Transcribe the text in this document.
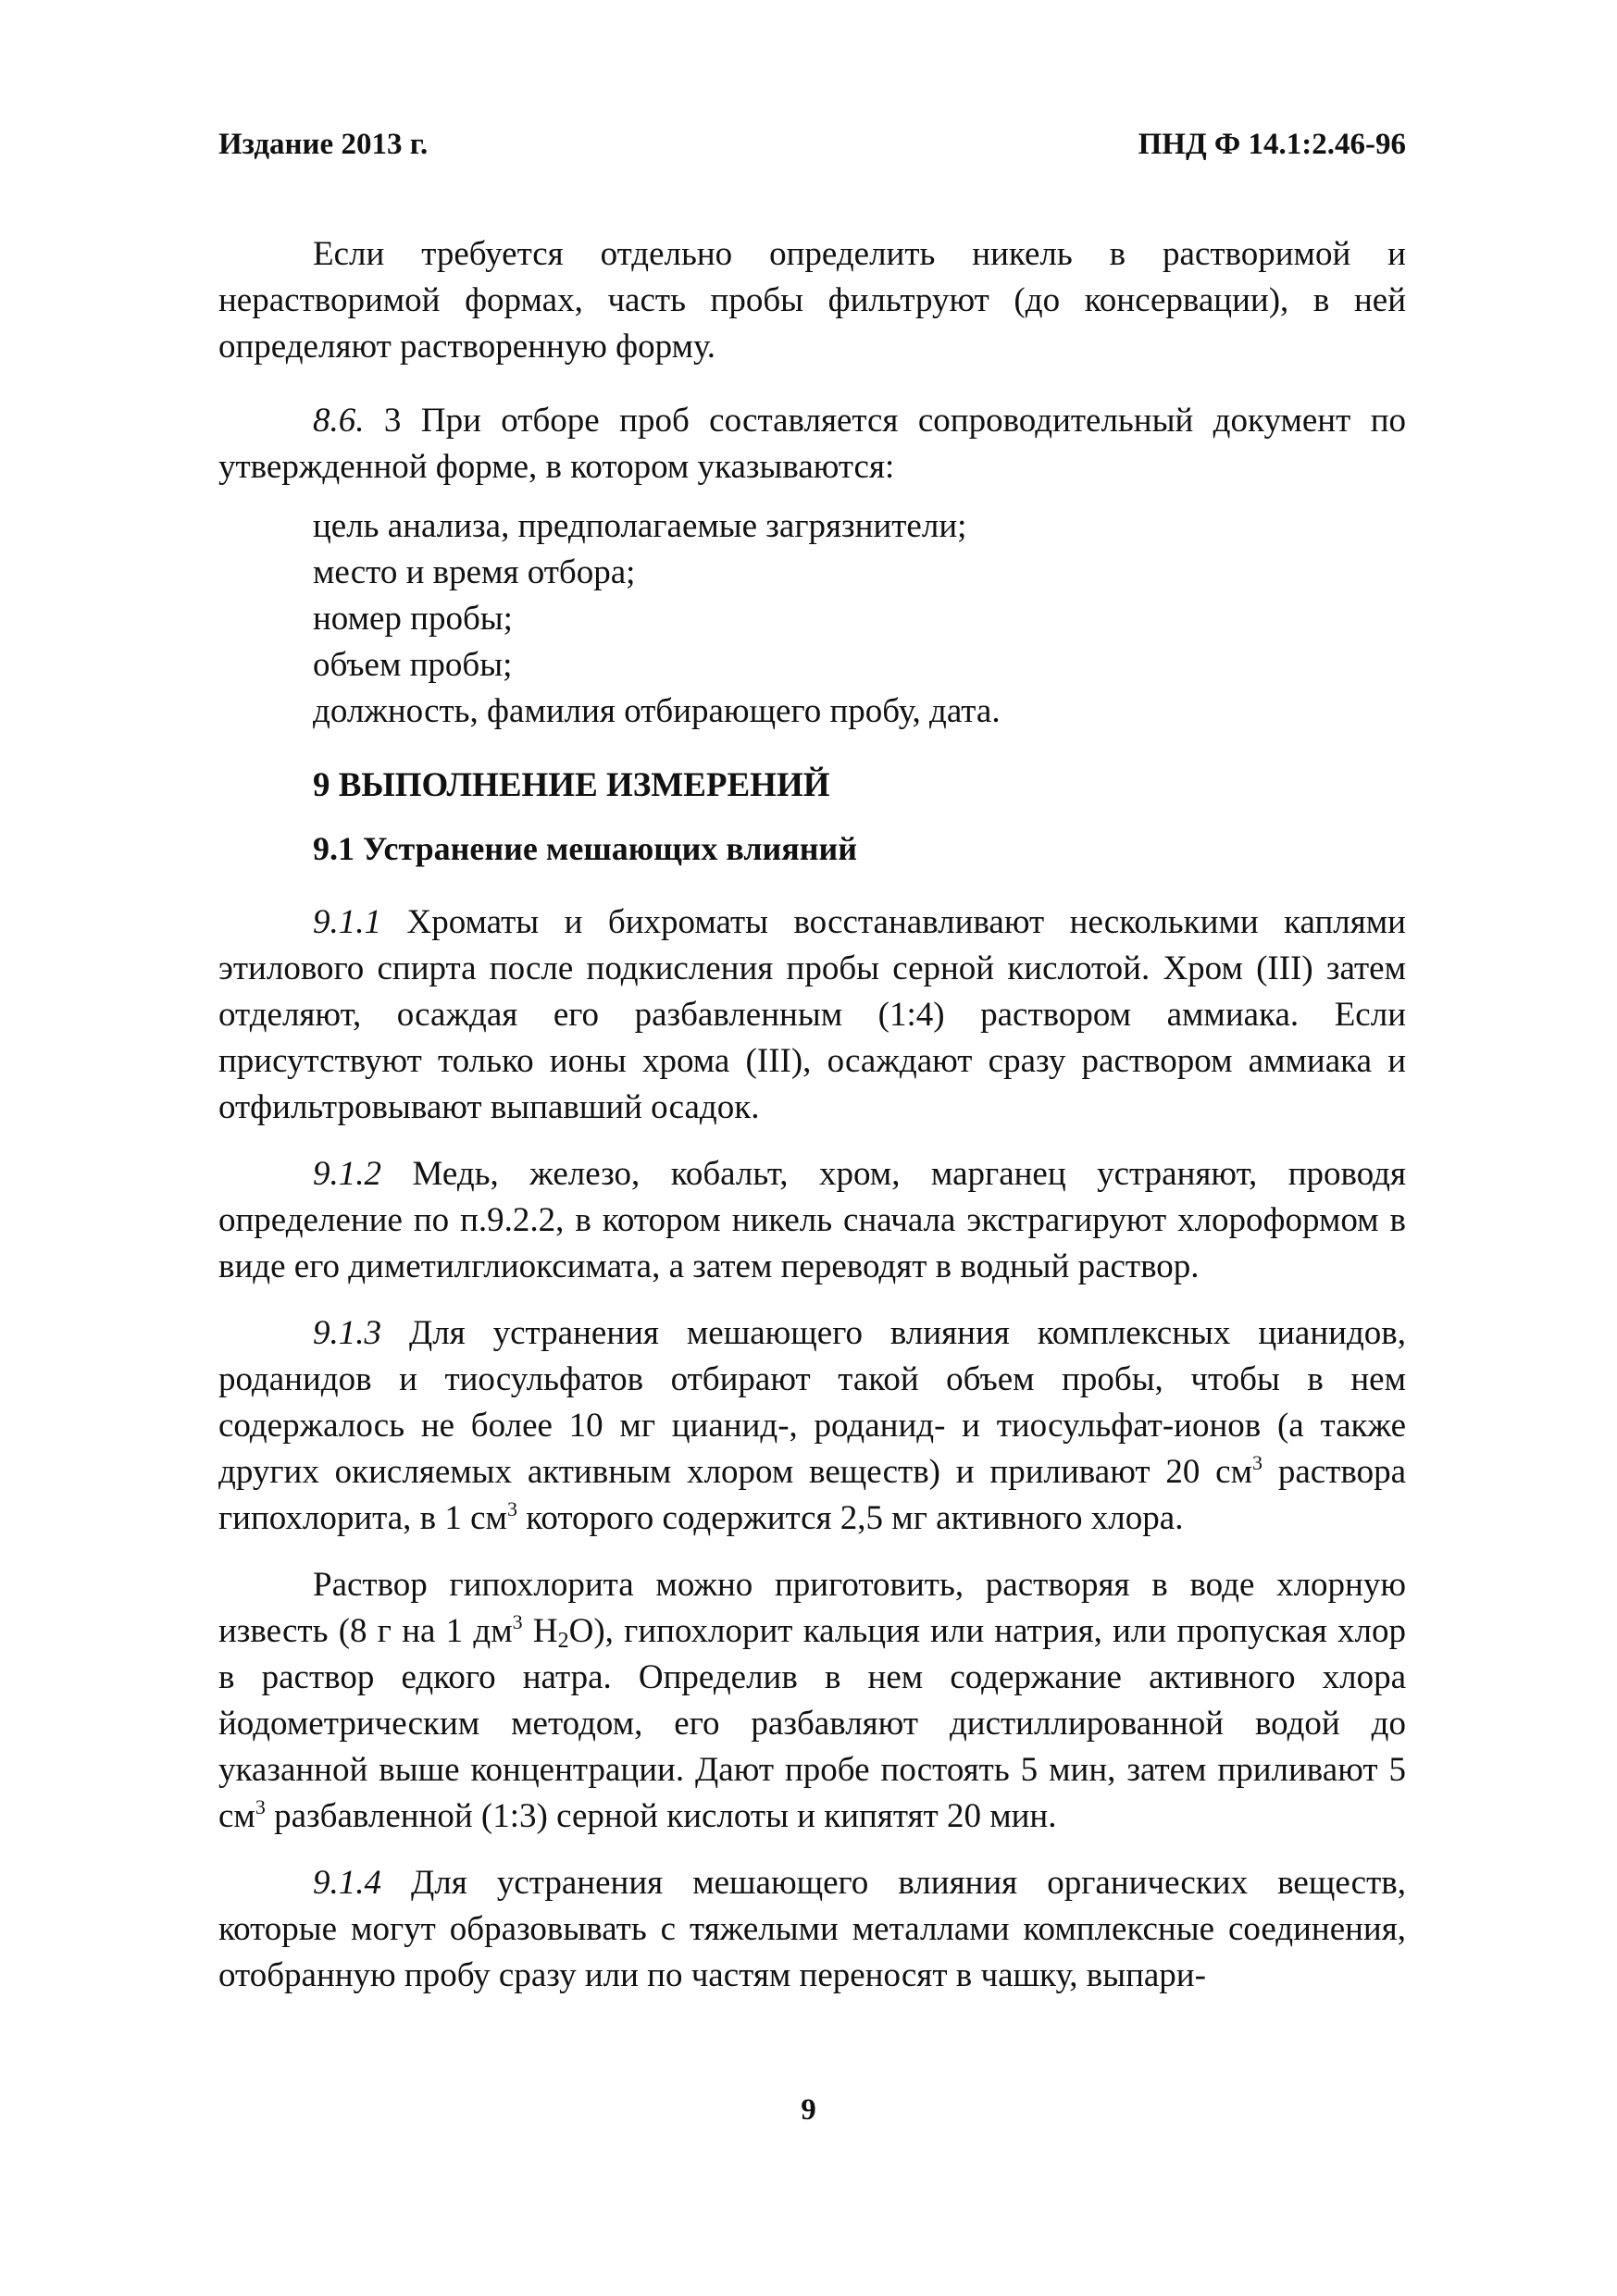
Издание 2013 г.	ПНД Ф 14.1:2.46-96

Если требуется отдельно определить никель в растворимой и нерастворимой формах, часть пробы фильтруют (до консервации), в ней определяют растворенную форму.

8.6. 3 При отборе проб составляется сопроводительный документ по утвержденной форме, в котором указываются:

цель анализа, предполагаемые загрязнители;
место и время отбора;
номер пробы;
объем пробы;
должность, фамилия отбирающего пробу, дата.
9 ВЫПОЛНЕНИЕ ИЗМЕРЕНИЙ
9.1 Устранение мешающих влияний

9.1.1 Хроматы и бихроматы восстанавливают несколькими каплями этилового спирта после подкисления пробы серной кислотой. Хром (III) затем отделяют, осаждая его разбавленным (1:4) раствором аммиака. Если присутствуют только ионы хрома (III), осаждают сразу раствором аммиака и отфильтровывают выпавший осадок.

9.1.2 Медь, железо, кобальт, хром, марганец устраняют, проводя определение по п.9.2.2, в котором никель сначала экстрагируют хлороформом в виде его диметилглиоксимата, а затем переводят в водный раствор.

9.1.3 Для устранения мешающего влияния комплексных цианидов, роданидов и тиосульфатов отбирают такой объем пробы, чтобы в нем содержалось не более 10 мг цианид-, роданид- и тиосульфат-ионов (а также других окисляемых активным хлором веществ) и приливают 20 $см^3$ раствора гипохлорита, в 1 $см^3$ которого содержится 2,5 мг активного хлора.

Раствор гипохлорита можно приготовить, растворяя в воде хлорную известь (8 г на 1 $дм^3$ $H_2O$), гипохлорит кальция или натрия, или пропуская хлор в раствор едкого натра. Определив в нем содержание активного хлора йодометрическим методом, его разбавляют дистиллированной водой до указанной выше концентрации. Дают пробе постоять 5 мин, затем приливают 5 $см^3$ разбавленной (1:3) серной кислоты и кипятят 20 мин.

9.1.4 Для устранения мешающего влияния органических веществ, которые могут образовывать с тяжелыми металлами комплексные соединения, отобранную пробу сразу или по частям переносят в чашку, выпари-

9
